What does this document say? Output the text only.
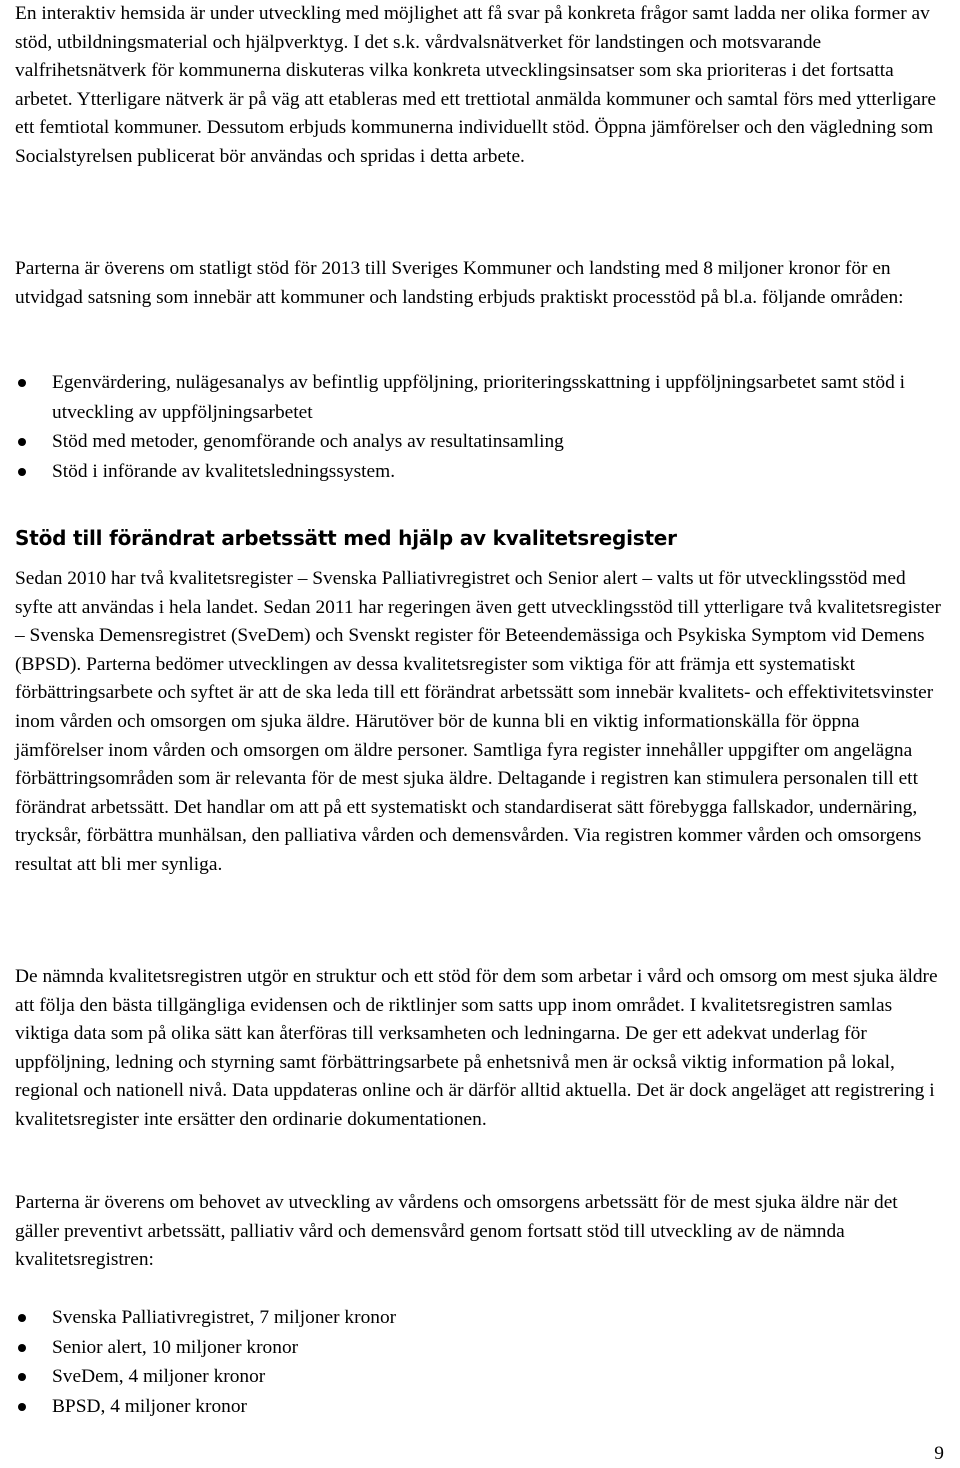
En interaktiv hemsida är under utveckling med möjlighet att få svar på konkreta frågor samt ladda ner olika former av stöd, utbildningsmaterial och hjälpverktyg. I det s.k. vårdvalsnätverket för landstingen och motsvarande valfrihetsnätverk för kommunerna diskuteras vilka konkreta utvecklingsinsatser som ska prioriteras i det fortsatta arbetet. Ytterligare nätverk är på väg att etableras med ett trettiotal anmälda kommuner och samtal förs med ytterligare ett femtiotal kommuner. Dessutom erbjuds kommunerna individuellt stöd. Öppna jämförelser och den vägledning som Socialstyrelsen publicerat bör användas och spridas i detta arbete.

Parterna är överens om statligt stöd för 2013 till Sveriges Kommuner och landsting med 8 miljoner kronor för en utvidgad satsning som innebär att kommuner och landsting erbjuds praktiskt processtöd på bl.a. följande områden:

Egenvärdering, nulägesanalys av befintlig uppföljning, prioriteringsskattning i uppföljningsarbetet samt stöd i utveckling av uppföljningsarbetet
Stöd med metoder, genomförande och analys av resultatinsamling
Stöd i införande av kvalitetsledningssystem.
Stöd till förändrat arbetssätt med hjälp av kvalitetsregister

Sedan 2010 har två kvalitetsregister – Svenska Palliativregistret och Senior alert – valts ut för utvecklingsstöd med syfte att användas i hela landet. Sedan 2011 har regeringen även gett utvecklingsstöd till ytterligare två kvalitetsregister – Svenska Demensregistret (SveDem) och Svenskt register för Beteendemässiga och Psykiska Symptom vid Demens (BPSD). Parterna bedömer utvecklingen av dessa kvalitetsregister som viktiga för att främja ett systematiskt förbättringsarbete och syftet är att de ska leda till ett förändrat arbetssätt som innebär kvalitets- och effektivitetsvinster inom vården och omsorgen om sjuka äldre. Härutöver bör de kunna bli en viktig informationskälla för öppna jämförelser inom vården och omsorgen om äldre personer. Samtliga fyra register innehåller uppgifter om angelägna förbättringsområden som är relevanta för de mest sjuka äldre. Deltagande i registren kan stimulera personalen till ett förändrat arbetssätt. Det handlar om att på ett systematiskt och standardiserat sätt förebygga fallskador, undernäring, trycksår, förbättra munhälsan, den palliativa vården och demensvården. Via registren kommer vården och omsorgens resultat att bli mer synliga.

De nämnda kvalitetsregistren utgör en struktur och ett stöd för dem som arbetar i vård och omsorg om mest sjuka äldre att följa den bästa tillgängliga evidensen och de riktlinjer som satts upp inom området. I kvalitetsregistren samlas viktiga data som på olika sätt kan återföras till verksamheten och ledningarna. De ger ett adekvat underlag för uppföljning, ledning och styrning samt förbättringsarbete på enhetsnivå men är också viktig information på lokal, regional och nationell nivå. Data uppdateras online och är därför alltid aktuella. Det är dock angeläget att registrering i kvalitetsregister inte ersätter den ordinarie dokumentationen.

Parterna är överens om behovet av utveckling av vårdens och omsorgens arbetssätt för de mest sjuka äldre när det gäller preventivt arbetssätt, palliativ vård och demensvård genom fortsatt stöd till utveckling av de nämnda kvalitetsregistren:

Svenska Palliativregistret, 7 miljoner kronor
Senior alert, 10 miljoner kronor
SveDem, 4 miljoner kronor
BPSD, 4 miljoner kronor
9
